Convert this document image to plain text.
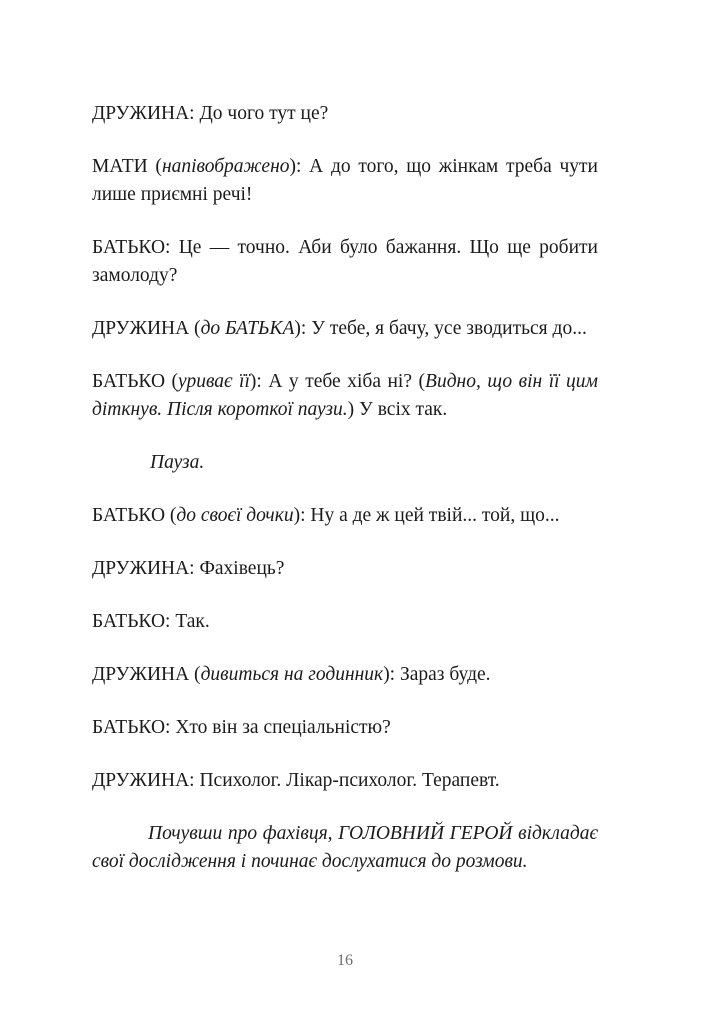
ДРУЖИНА: До чого тут це?

МАТИ (напівображено): А до того, що жінкам треба чути лише приємні речі!

БАТЬКО: Це — точно. Аби було бажання. Що ще робити замолоду?

ДРУЖИНА (до БАТЬКА): У тебе, я бачу, усе зводиться до...

БАТЬКО (уриває її): А у тебе хіба ні? (Видно, що він її цим діткнув. Після короткої паузи.) У всіх так.

Пауза.

БАТЬКО (до своєї дочки): Ну а де ж цей твій... той, що...

ДРУЖИНА: Фахівець?

БАТЬКО: Так.

ДРУЖИНА (дивиться на годинник): Зараз буде.

БАТЬКО: Хто він за спеціальністю?

ДРУЖИНА: Психолог. Лікар-психолог. Терапевт.

Почувши про фахівця, ГОЛОВНИЙ ГЕРОЙ відкладає свої дослідження і починає дослухатися до розмови.

16
